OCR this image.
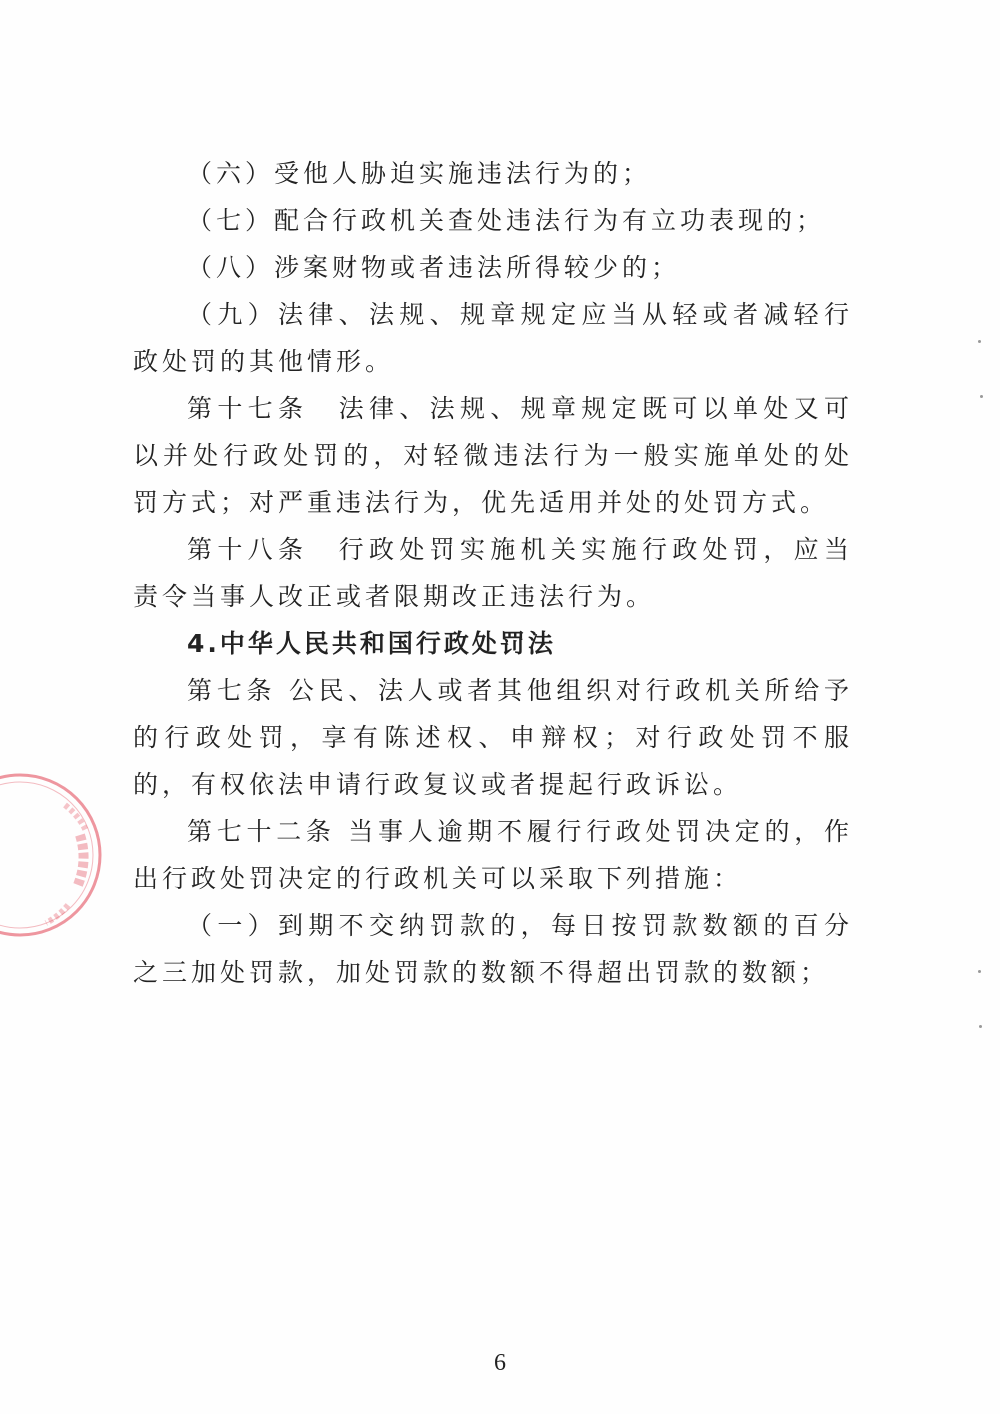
（六）受他人胁迫实施违法行为的；

（七）配合行政机关查处违法行为有立功表现的；

（八）涉案财物或者违法所得较少的；

（九）法律、法规、规章规定应当从轻或者减轻行政处罚的其他情形。

第十七条　法律、法规、规章规定既可以单处又可以并处行政处罚的，对轻微违法行为一般实施单处的处罚方式；对严重违法行为，优先适用并处的处罚方式。

第十八条　行政处罚实施机关实施行政处罚，应当责令当事人改正或者限期改正违法行为。

4.中华人民共和国行政处罚法

第七条 公民、法人或者其他组织对行政机关所给予的行政处罚，享有陈述权、申辩权；对行政处罚不服的，有权依法申请行政复议或者提起行政诉讼。

第七十二条 当事人逾期不履行行政处罚决定的，作出行政处罚决定的行政机关可以采取下列措施：

（一）到期不交纳罚款的，每日按罚款数额的百分之三加处罚款，加处罚款的数额不得超出罚款的数额；

6
